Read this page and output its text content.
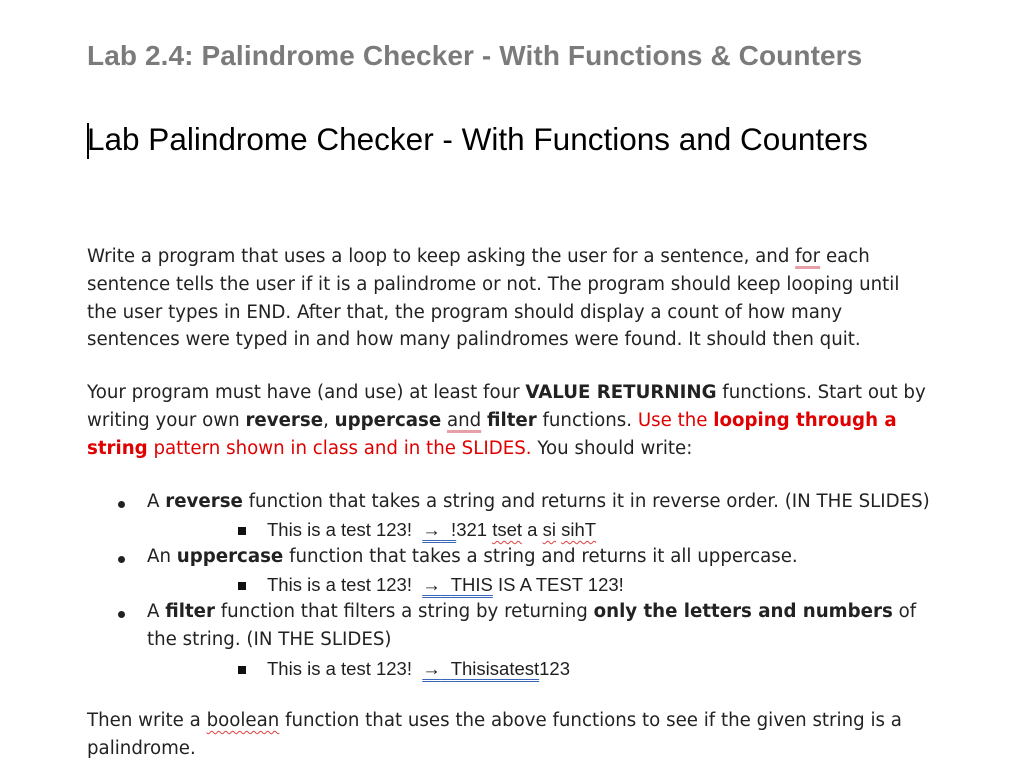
Lab 2.4: Palindrome Checker - With Functions & Counters
Lab Palindrome Checker - With Functions and Counters

Write a program that uses a loop to keep asking the user for a sentence, and for each sentence tells the user if it is a palindrome or not. The program should keep looping until the user types in END. After that, the program should display a count of how many sentences were typed in and how many palindromes were found. It should then quit.

Your program must have (and use) at least four VALUE RETURNING functions. Start out by writing your own reverse, uppercase and filter functions. Use the looping through a string pattern shown in class and in the SLIDES. You should write:

A reverse function that takes a string and returns it in reverse order. (IN THE SLIDES)

This is a test 123! → !321 tset a si sihT

An uppercase function that takes a string and returns it all uppercase.

This is a test 123! → THIS IS A TEST 123!

A filter function that filters a string by returning only the letters and numbers of the string. (IN THE SLIDES)

This is a test 123! → Thisisatest123

Then write a boolean function that uses the above functions to see if the given string is a palindrome.
